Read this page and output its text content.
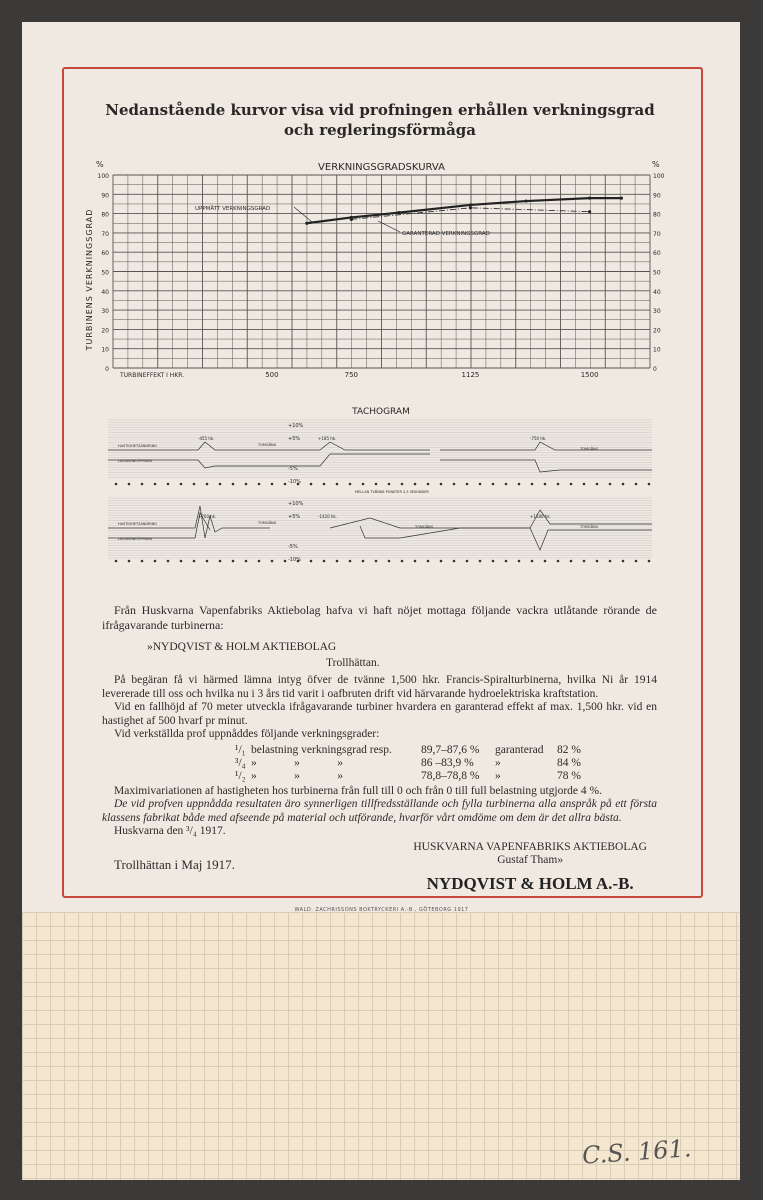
Nedanstående kurvor visa vid profningen erhållen verkningsgrad
och regleringsförmåga
0	0
10	10
20	20
30	30
40	40
50	50
60	60
70	70
80	80
90	90
100	100
%	%
500	750	1125	1500
TURBINEFFEKT I HKR.
VERKNINGSGRADSKURVA
TURBINENS VERKNINGSGRAD	UPPMÄTT VERKNINGSGRAD
GARANTERAD VERKNINGSGRAD
TACHOGRAM
+10%
+5%
-5%
-10%
HASTIGHETSÄNDRING
LEDSKENEÖPPNING
-455 hk.	+185 hk.	-750 hk.
TOMGÅNG
TOMGÅNG
+10%
+5%
-5%
-10%
HASTIGHETSÄNDRING
LEDSKENEÖPPNING
+700 hk.	-1420 hk.	+1580 hk.
TOMGÅNG
TOMGÅNG	TOMGÅNG
MELLAN TVÅNNE PUNKTER 2,5 SEKUNDER
Från Huskvarna Vapenfabriks Aktiebolag hafva vi haft nöjet mottaga följande vackra utlåtande rörande de ifrågavarande turbinerna:
»NYDQVIST & HOLM AKTIEBOLAG
Trollhättan.
På begäran få vi härmed lämna intyg öfver de tvänne 1,500 hkr. Francis-Spiralturbinerna, hvilka Ni år 1914 levererade till oss och hvilka nu i 3 års tid varit i oafbruten drift vid härvarande hydroelektriska kraftstation.
Vid en fallhöjd af 70 meter utveckla ifrågavarande turbiner hvardera en garanterad effekt af max. 1,500 hkr. vid en hastighet af 500 hvarf pr minut.
Vid verkställda prof uppnåddes följande verkningsgrader:
¹/₁ belastning verkningsgrad resp.	89,7–87,6 % garanterad 82 %
³/₄ »             »             »	86 –83,9 % »	84 %
¹/₂ »             »             »	78,8–78,8 % »	78 %
Maximivariationen af hastigheten hos turbinerna från full till 0 och från 0 till full belastning utgjorde 4 %.
De vid profven uppnådda resultaten äro synnerligen tillfredsställande och fylla turbinerna alla anspråk på ett första klassens fabrikat både med afseende på material och utförande, hvarför vårt omdöme om dem är det allra bästa.
Huskvarna den ³/₄ 1917.
Trollhättan i Maj 1917.
HUSKVARNA VAPENFABRIKS AKTIEBOLAG
Gustaf Tham»
NYDQVIST & HOLM A.-B.
WALD. ZACHRISSONS BOKTRYCKERI A.-B., GÖTEBORG 1917
C.S. 161.
